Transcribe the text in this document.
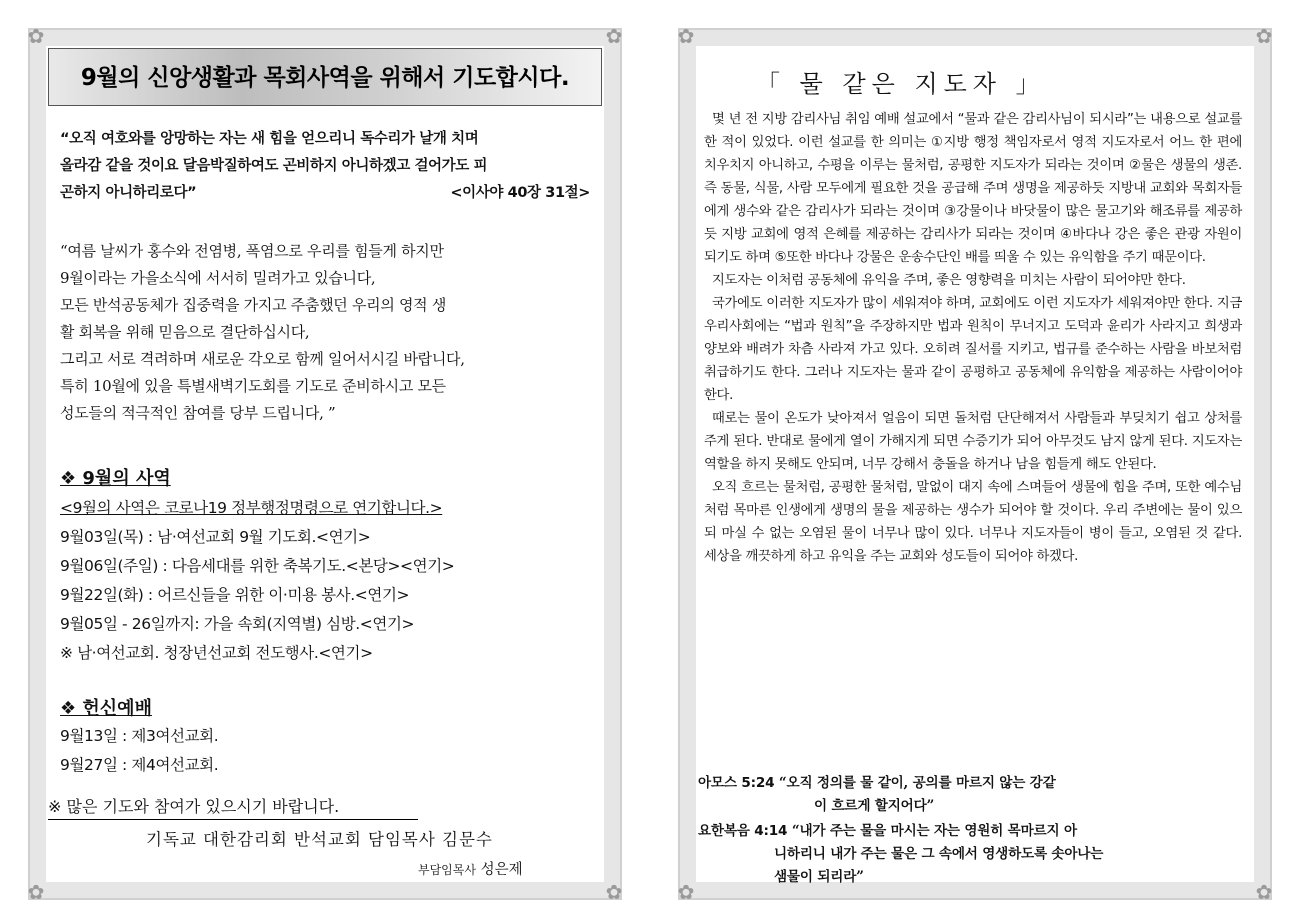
✿	✿
✿	✿
9월의 신앙생활과 목회사역을 위해서 기도합시다.
“오직 여호와를 앙망하는 자는 새 힘을 얻으리니 독수리가 날개 치며
올라감 같을 것이요 달음박질하여도 곤비하지 아니하겠고 걸어가도 피
곤하지 아니하리로다”	<이사야 40장 31절>
“여름 날씨가 홍수와 전염병, 폭염으로 우리를 힘들게 하지만
9월이라는 가을소식에 서서히 밀려가고 있습니다,
모든 반석공동체가 집중력을 가지고 주춤했던 우리의 영적 생
활 회복을 위해 믿음으로 결단하십시다,
그리고 서로 격려하며 새로운 각오로 함께 일어서시길 바랍니다,
특히 10월에 있을 특별새벽기도회를 기도로 준비하시고 모든
성도들의 적극적인 참여를 당부 드립니다, ”
❖ 9월의 사역
<9월의 사역은 코로나19 정부행정명령으로 연기합니다.>
9월03일(목) : 남·여선교회 9월 기도회.<연기>
9월06일(주일) : 다음세대를 위한 축복기도.<본당><연기>
9월22일(화) : 어르신들을 위한 이·미용 봉사.<연기>
9월05일 - 26일까지: 가을 속회(지역별) 심방.<연기>
※ 남·여선교회. 청장년선교회 전도행사.<연기>
❖ 헌신예배
9월13일 : 제3여선교회.
9월27일 : 제4여선교회.
※ 많은 기도와 참여가 있으시기 바랍니다.
기독교 대한감리회 반석교회 담임목사 김문수
부담임목사 성은제
✿	✿
✿	✿
「 물 같은 지도자 」

몇 년 전 지방 감리사님 취임 예배 설교에서 “물과 같은 감리사님이 되시라”는 내용으로 설교를 한 적이 있었다. 이런 설교를 한 의미는 ①지방 행정 책임자로서 영적 지도자로서 어느 한 편에 치우치지 아니하고, 수평을 이루는 물처럼, 공평한 지도자가 되라는 것이며 ②물은 생물의 생존. 즉 동물, 식물, 사람 모두에게 필요한 것을 공급해 주며 생명을 제공하듯 지방내 교회와 목회자들에게 생수와 같은 감리사가 되라는 것이며 ③강물이나 바닷물이 많은 물고기와 해조류를 제공하듯 지방 교회에 영적 은혜를 제공하는 감리사가 되라는 것이며 ④바다나 강은 좋은 관광 자원이 되기도 하며 ⑤또한 바다나 강물은 운송수단인 배를 띄울 수 있는 유익함을 주기 때문이다.

지도자는 이처럼 공동체에 유익을 주며, 좋은 영향력을 미치는 사람이 되어야만 한다.

국가에도 이러한 지도자가 많이 세워져야 하며, 교회에도 이런 지도자가 세워져야만 한다. 지금 우리사회에는 “법과 원칙”을 주장하지만 법과 원칙이 무너지고 도덕과 윤리가 사라지고 희생과 양보와 배려가 차츰 사라져 가고 있다. 오히려 질서를 지키고, 법규를 준수하는 사람을 바보처럼 취급하기도 한다. 그러나 지도자는 물과 같이 공평하고 공동체에 유익함을 제공하는 사람이어야 한다.

때로는 물이 온도가 낮아져서 얼음이 되면 돌처럼 단단해져서 사람들과 부딪치기 쉽고 상처를 주게 된다. 반대로 물에게 열이 가해지게 되면 수증기가 되어 아무것도 남지 않게 된다. 지도자는 역할을 하지 못해도 안되며, 너무 강해서 충돌을 하거나 남을 힘들게 해도 안된다.

오직 흐르는 물처럼, 공평한 물처럼, 말없이 대지 속에 스며들어 생물에 힘을 주며, 또한 예수님처럼 목마른 인생에게 생명의 물을 제공하는 생수가 되어야 할 것이다. 우리 주변에는 물이 있으되 마실 수 없는 오염된 물이 너무나 많이 있다. 너무나 지도자들이 병이 들고, 오염된 것 같다. 세상을 깨끗하게 하고 유익을 주는 교회와 성도들이 되어야 하겠다.

아모스 5:24 “오직 정의를 물 같이, 공의를 마르지 않는 강같
이 흐르게 할지어다”
요한복음 4:14 “내가 주는 물을 마시는 자는 영원히 목마르지 아
니하리니 내가 주는 물은 그 속에서 영생하도록 솟아나는
샘물이 되리라”
